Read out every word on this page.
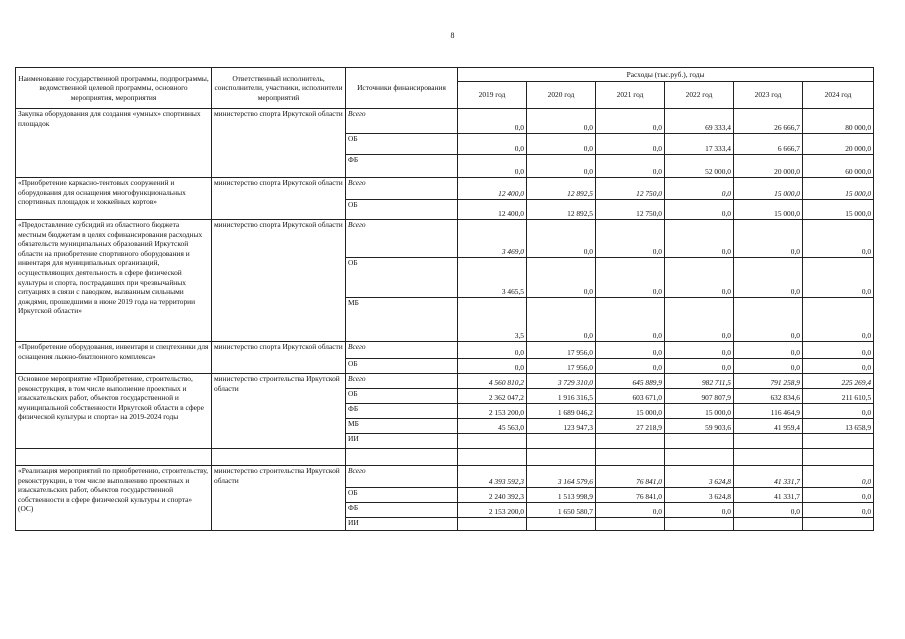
8
Наименование государственной программы, подпрограммы, ведомственной целевой программы, основного мероприятия, мероприятия	Ответственный исполнитель, соисполнители, участники, исполнители мероприятий	Источники финансирования	Расходы (тыс.руб.), годы					
			2019 год	2020 год	2021 год	2022 год	2023 год	2024 год
Закупка оборудования для создания «умных» спортивных площадок	министерство спорта Иркутской области	Всего	0,0	0,0	0,0	69 333,4	26 666,7	80 000,0
		ОБ	0,0	0,0	0,0	17 333,4	6 666,7	20 000,0
		ФБ	0,0	0,0	0,0	52 000,0	20 000,0	60 000,0
«Приобретение каркасно-тентовых сооружений и оборудования для оснащения многофункциональных спортивных площадок и хоккейных кортов»	министерство спорта Иркутской области	Всего	12 400,0	12 892,5	12 750,0	0,0	15 000,0	15 000,0
		ОБ	12 400,0	12 892,5	12 750,0	0,0	15 000,0	15 000,0
«Предоставление субсидий из областного бюджета местным бюджетам в целях софинансирования расходных обязательств муниципальных образований Иркутской области на приобретение спортивного оборудования и инвентаря для муниципальных организаций, осуществляющих деятельность в сфере физической культуры и спорта, пострадавших при чрезвычайных ситуациях в связи с паводком, вызванным сильными дождями, прошедшими в июне 2019 года на территории Иркутской области»	министерство спорта Иркутской области	Всего	3 469,0	0,0	0,0	0,0	0,0	0,0
		ОБ	3 465,5	0,0	0,0	0,0	0,0	0,0
		МБ	3,5	0,0	0,0	0,0	0,0	0,0
«Приобретение оборудования, инвентаря и спецтехники для оснащения лыжно-биатлонного комплекса»	министерство спорта Иркутской области	Всего	0,0	17 956,0	0,0	0,0	0,0	0,0
		ОБ	0,0	17 956,0	0,0	0,0	0,0	0,0
Основное мероприятие «Приобретение, строительство, реконструкция, в том числе выполнение проектных и изыскательских работ, объектов государственной и муниципальной собственности Иркутской области в сфере физической культуры и спорта» на 2019-2024 годы	министерство строительства Иркутской области	Всего	4 560 810,2	3 729 310,0	645 889,9	982 711,5	791 258,9	225 269,4
		ОБ	2 362 047,2	1 916 316,5	603 671,0	907 807,9	632 834,6	211 610,5
		ФБ	2 153 200,0	1 689 046,2	15 000,0	15 000,0	116 464,9	0,0
		МБ	45 563,0	123 947,3	27 218,9	59 903,6	41 959,4	13 658,9
		ИИ						

«Реализация мероприятий по приобретению, строительству, реконструкции, в том числе выполнению проектных и изыскательских работ, объектов государственной собственности в сфере физической культуры и спорта» (ОС)	министерство строительства Иркутской области	Всего	4 393 592,3	3 164 579,6	76 841,0	3 624,8	41 331,7	0,0
		ОБ	2 240 392,3	1 513 998,9	76 841,0	3 624,8	41 331,7	0,0
		ФБ	2 153 200,0	1 650 580,7	0,0	0,0	0,0	0,0
		ИИ						
